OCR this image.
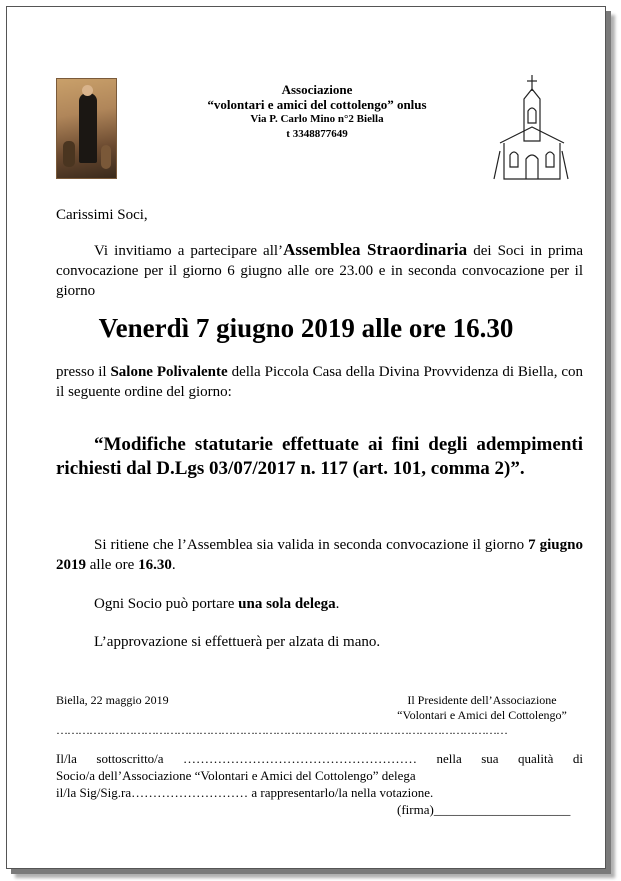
Associazione
“volontari e amici del cottolengo” onlus
Via P. Carlo Mino n°2 Biella
t 3348877649
Carissimi Soci,
Vi invitiamo a partecipare all’Assemblea Straordinaria dei Soci in prima convocazione per il giorno 6 giugno alle ore 23.00 e in seconda convocazione per il giorno
Venerdì 7 giugno 2019 alle ore 16.30
presso il Salone Polivalente della Piccola Casa della Divina Provvidenza di Biella, con il seguente ordine del giorno:
“Modifiche statutarie effettuate ai fini degli adempimenti richiesti dal D.Lgs 03/07/2017 n. 117 (art. 101, comma 2)”.
Si ritiene che l’Assemblea sia valida in seconda convocazione il giorno 7 giugno 2019 alle ore 16.30.
Ogni Socio può portare una sola delega.
L’approvazione si effettuerà per alzata di mano.
Biella, 22 maggio 2019	Il Presidente dell’Associazione
“Volontari e Amici del Cottolengo”
……………………………………………………………………………………………………………
Il/la sottoscritto/a ……………………………………………… nella sua qualità di
Socio/a dell’Associazione “Volontari e Amici del Cottolengo” delega
il/la Sig/Sig.ra……………………… a rappresentarlo/la nella votazione.
(firma)_____________________
